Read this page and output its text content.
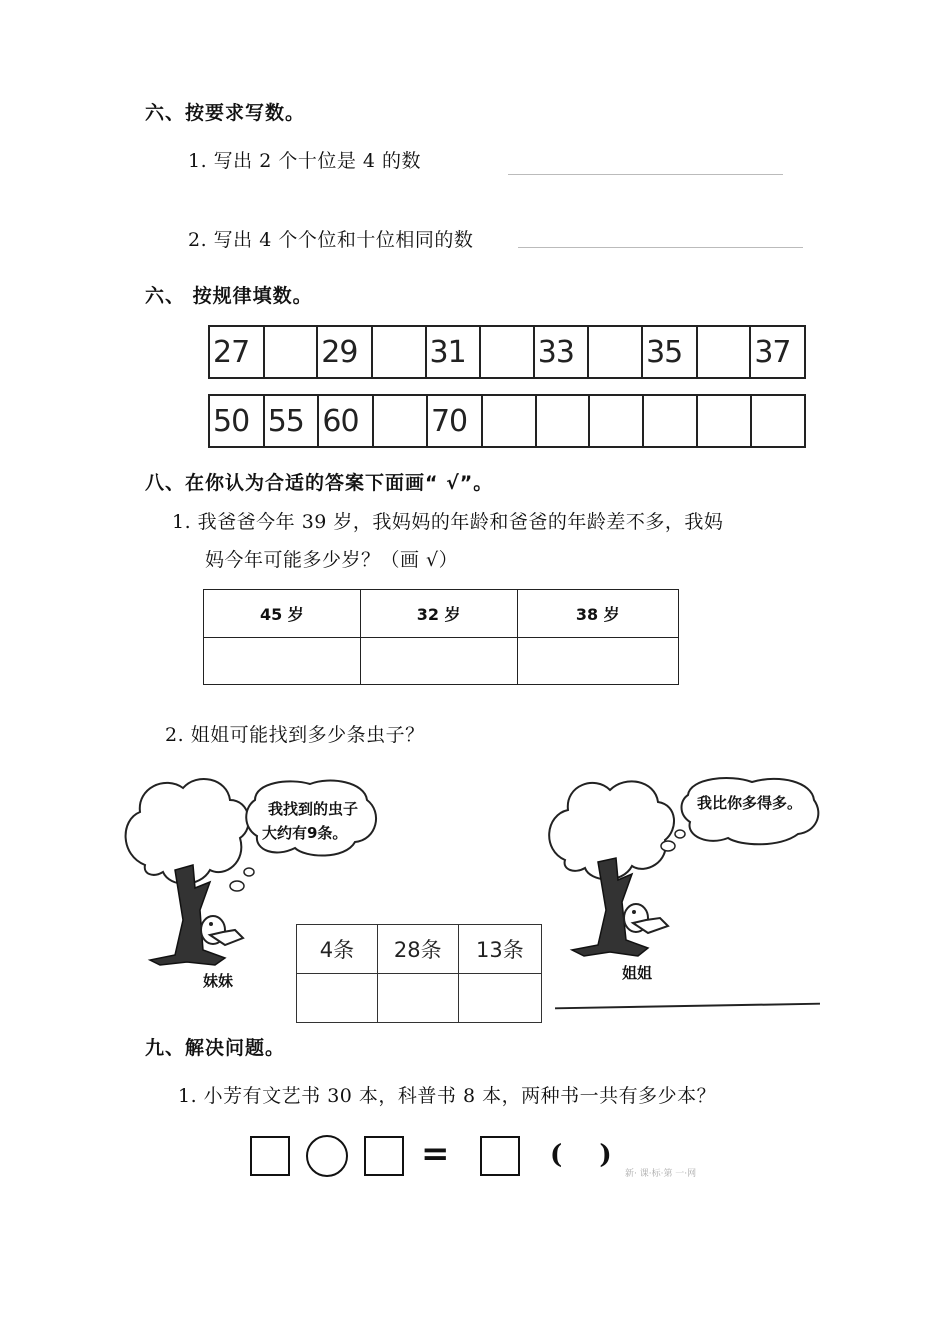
六、按要求写数。
1. 写出 2 个十位是 4 的数
2. 写出 4 个个位和十位相同的数
六、 按规律填数。
27		29		31		33		35		37
50	55	60		70						
八、在你认为合适的答案下面画“ √”。
1. 我爸爸今年 39 岁，我妈妈的年龄和爸爸的年龄差不多，我妈
妈今年可能多少岁？（画 √）
45 岁	32 岁	38 岁

2. 姐姐可能找到多少条虫子？
我找到的虫子
大约有9条。
妹妹
我比你多得多。
姐姐
4条	28条	13条

九、解决问题。
1. 小芳有文艺书 30 本，科普书 8 本，两种书一共有多少本？
=	( )
新· 课·标·第 一·网
